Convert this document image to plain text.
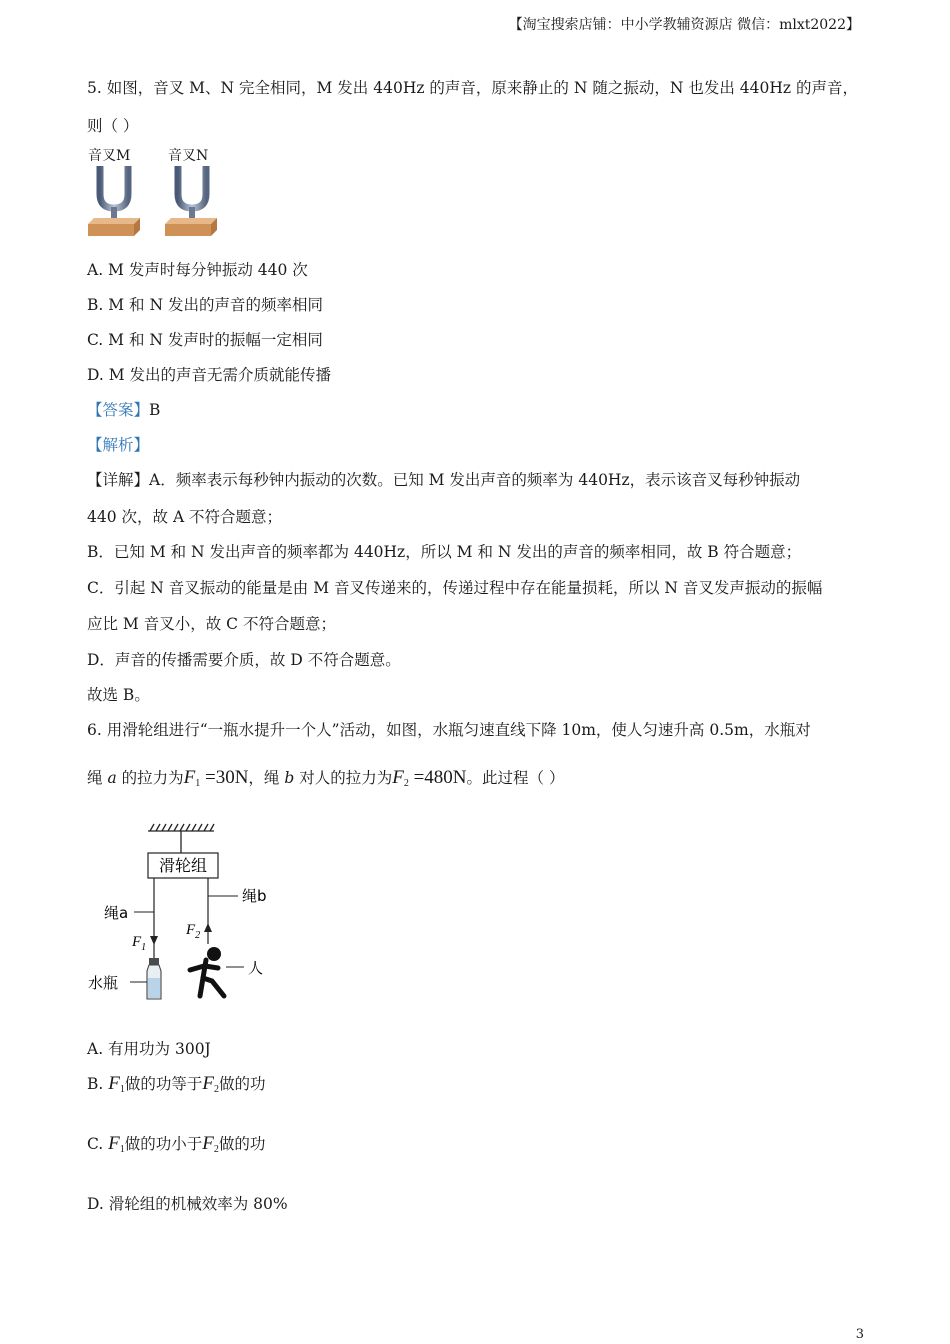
【淘宝搜索店铺：中小学教辅资源店 微信：mlxt2022】
5. 如图，音叉 M、N 完全相同，M 发出 440Hz 的声音，原来静止的 N 随之振动，N 也发出 440Hz 的声音，
则（ ）
音叉M	音叉N
A. M 发声时每分钟振动 440 次
B. M 和 N 发出的声音的频率相同
C. M 和 N 发声时的振幅一定相同
D. M 发出的声音无需介质就能传播
【答案】B
【解析】
【详解】A．频率表示每秒钟内振动的次数。已知 M 发出声音的频率为 440Hz，表示该音叉每秒钟振动
440 次，故 A 不符合题意；
B．已知 M 和 N 发出声音的频率都为 440Hz，所以 M 和 N 发出的声音的频率相同，故 B 符合题意；
C．引起 N 音叉振动的能量是由 M 音叉传递来的，传递过程中存在能量损耗，所以 N 音叉发声振动的振幅
应比 M 音叉小，故 C 不符合题意；
D．声音的传播需要介质，故 D 不符合题意。
故选 B。
6. 用滑轮组进行“一瓶水提升一个人”活动，如图，水瓶匀速直线下降 10m，使人匀速升高 0.5m，水瓶对
绳 a 的拉力为$F_1 =30N$，绳 b 对人的拉力为$F_2 =480N$。此过程（ ）
滑轮组
绳a
$F_1$
水瓶
绳b
$F_2$
人
A. 有用功为 300J
B. $F_1$做的功等于$F_2$做的功
C. $F_1$做的功小于$F_2$做的功
D. 滑轮组的机械效率为 80%
3
